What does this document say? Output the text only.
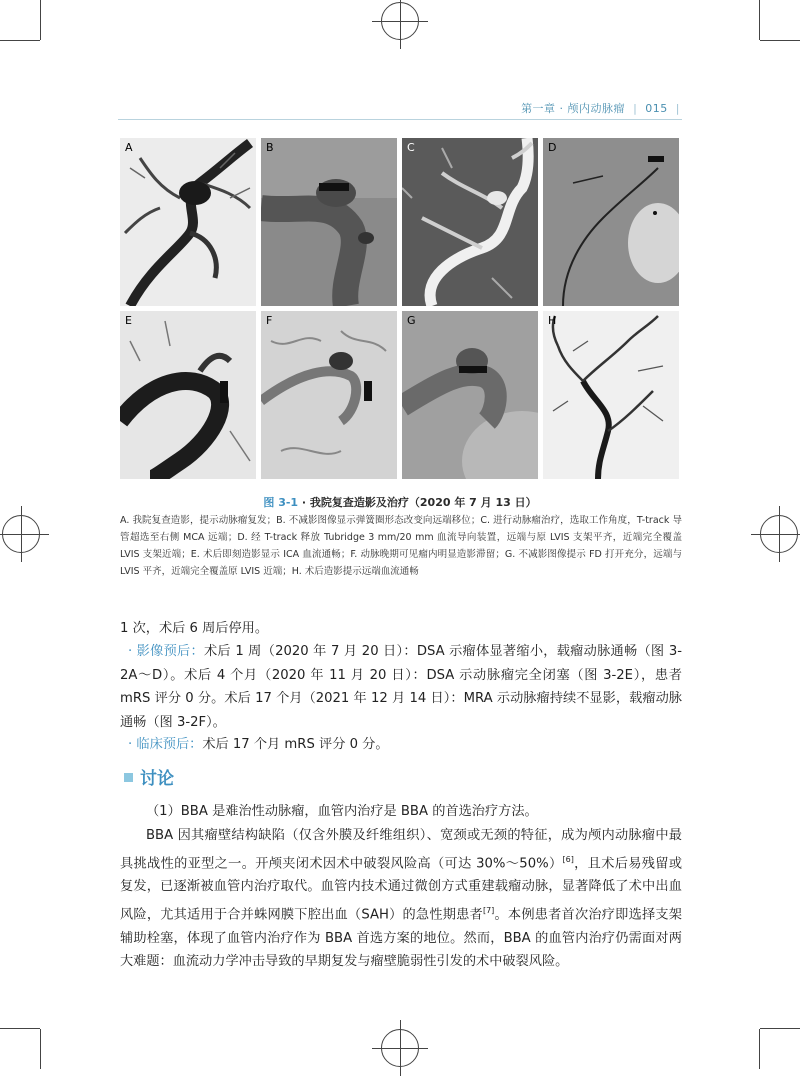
第一章 · 颅内动脉瘤 | 015 |
A	B	C	D
E	F	G	H
图 3-1 · 我院复查造影及治疗（2020 年 7 月 13 日）
A. 我院复查造影，提示动脉瘤复发；B. 不减影图像显示弹簧圈形态改变向远端移位；C. 进行动脉瘤治疗，选取工作角度，T-track 导管超选至右侧 MCA 远端；D. 经 T-track 释放 Tubridge 3 mm/20 mm 血流导向装置，远端与原 LVIS 支架平齐，近端完全覆盖 LVIS 支架近端；E. 术后即刻造影显示 ICA 血流通畅；F. 动脉晚期可见瘤内明显造影滞留；G. 不减影图像提示 FD 打开充分，远端与 LVIS 平齐，近端完全覆盖原 LVIS 近端；H. 术后造影提示远端血流通畅
1 次，术后 6 周后停用。
· 影像预后：术后 1 周（2020 年 7 月 20 日）：DSA 示瘤体显著缩小，载瘤动脉通畅（图 3-2A～D）。术后 4 个月（2020 年 11 月 20 日）：DSA 示动脉瘤完全闭塞（图 3-2E），患者 mRS 评分 0 分。术后 17 个月（2021 年 12 月 14 日）：MRA 示动脉瘤持续不显影，载瘤动脉通畅（图 3-2F）。
· 临床预后：术后 17 个月 mRS 评分 0 分。
讨论
（1）BBA 是难治性动脉瘤，血管内治疗是 BBA 的首选治疗方法。
BBA 因其瘤壁结构缺陷（仅含外膜及纤维组织）、宽颈或无颈的特征，成为颅内动脉瘤中最具挑战性的亚型之一。开颅夹闭术因术中破裂风险高（可达 30%～50%）[6]，且术后易残留或复发，已逐渐被血管内治疗取代。血管内技术通过微创方式重建载瘤动脉，显著降低了术中出血风险，尤其适用于合并蛛网膜下腔出血（SAH）的急性期患者[7]。本例患者首次治疗即选择支架辅助栓塞，体现了血管内治疗作为 BBA 首选方案的地位。然而，BBA 的血管内治疗仍需面对两大难题：血流动力学冲击导致的早期复发与瘤壁脆弱性引发的术中破裂风险。
